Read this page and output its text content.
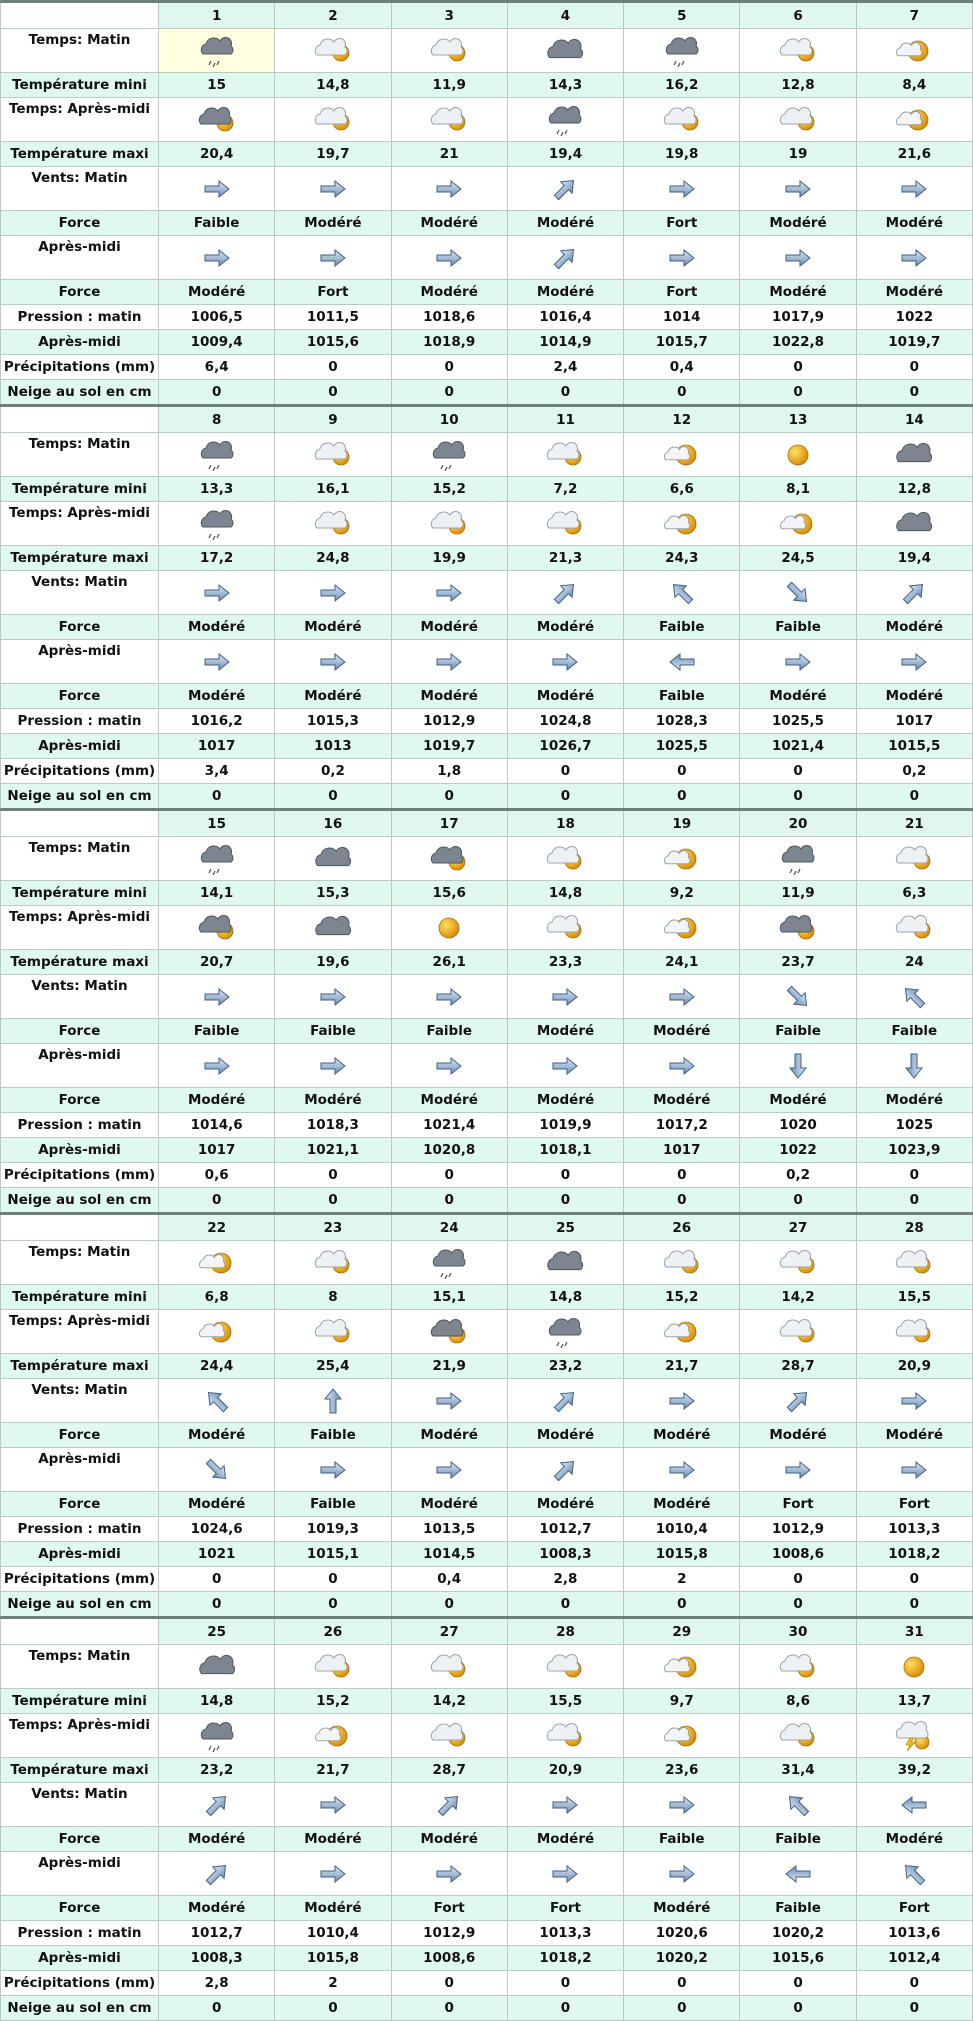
	1	2	3	4	5	6	7
Temps: Matin							
Température mini	15	14,8	11,9	14,3	16,2	12,8	8,4
Temps: Après-midi							
Température maxi	20,4	19,7	21	19,4	19,8	19	21,6
Vents: Matin							
Force	Faible	Modéré	Modéré	Modéré	Fort	Modéré	Modéré
Après-midi							
Force	Modéré	Fort	Modéré	Modéré	Fort	Modéré	Modéré
Pression : matin	1006,5	1011,5	1018,6	1016,4	1014	1017,9	1022
Après-midi	1009,4	1015,6	1018,9	1014,9	1015,7	1022,8	1019,7
Précipitations (mm)	6,4	0	0	2,4	0,4	0	0
Neige au sol en cm	0	0	0	0	0	0	0
	8	9	10	11	12	13	14
Temps: Matin							
Température mini	13,3	16,1	15,2	7,2	6,6	8,1	12,8
Temps: Après-midi							
Température maxi	17,2	24,8	19,9	21,3	24,3	24,5	19,4
Vents: Matin							
Force	Modéré	Modéré	Modéré	Modéré	Faible	Faible	Modéré
Après-midi							
Force	Modéré	Modéré	Modéré	Modéré	Faible	Modéré	Modéré
Pression : matin	1016,2	1015,3	1012,9	1024,8	1028,3	1025,5	1017
Après-midi	1017	1013	1019,7	1026,7	1025,5	1021,4	1015,5
Précipitations (mm)	3,4	0,2	1,8	0	0	0	0,2
Neige au sol en cm	0	0	0	0	0	0	0
	15	16	17	18	19	20	21
Temps: Matin							
Température mini	14,1	15,3	15,6	14,8	9,2	11,9	6,3
Temps: Après-midi							
Température maxi	20,7	19,6	26,1	23,3	24,1	23,7	24
Vents: Matin							
Force	Faible	Faible	Faible	Modéré	Modéré	Faible	Faible
Après-midi							
Force	Modéré	Modéré	Modéré	Modéré	Modéré	Modéré	Modéré
Pression : matin	1014,6	1018,3	1021,4	1019,9	1017,2	1020	1025
Après-midi	1017	1021,1	1020,8	1018,1	1017	1022	1023,9
Précipitations (mm)	0,6	0	0	0	0	0,2	0
Neige au sol en cm	0	0	0	0	0	0	0
	22	23	24	25	26	27	28
Temps: Matin							
Température mini	6,8	8	15,1	14,8	15,2	14,2	15,5
Temps: Après-midi							
Température maxi	24,4	25,4	21,9	23,2	21,7	28,7	20,9
Vents: Matin							
Force	Modéré	Faible	Modéré	Modéré	Modéré	Modéré	Modéré
Après-midi							
Force	Modéré	Faible	Modéré	Modéré	Modéré	Fort	Fort
Pression : matin	1024,6	1019,3	1013,5	1012,7	1010,4	1012,9	1013,3
Après-midi	1021	1015,1	1014,5	1008,3	1015,8	1008,6	1018,2
Précipitations (mm)	0	0	0,4	2,8	2	0	0
Neige au sol en cm	0	0	0	0	0	0	0
	25	26	27	28	29	30	31
Temps: Matin							
Température mini	14,8	15,2	14,2	15,5	9,7	8,6	13,7
Temps: Après-midi							
Température maxi	23,2	21,7	28,7	20,9	23,6	31,4	39,2
Vents: Matin							
Force	Modéré	Modéré	Modéré	Modéré	Faible	Faible	Modéré
Après-midi							
Force	Modéré	Modéré	Fort	Fort	Modéré	Faible	Fort
Pression : matin	1012,7	1010,4	1012,9	1013,3	1020,6	1020,2	1013,6
Après-midi	1008,3	1015,8	1008,6	1018,2	1020,2	1015,6	1012,4
Précipitations (mm)	2,8	2	0	0	0	0	0
Neige au sol en cm	0	0	0	0	0	0	0
